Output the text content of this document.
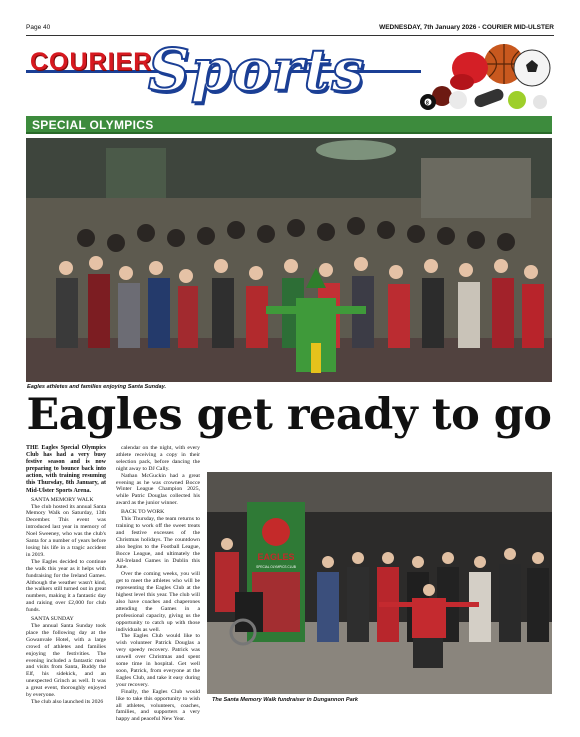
Page 40	WEDNESDAY, 7th January 2026 - COURIER MID-ULSTER
COURIER
Sports	8
SPECIAL OLYMPICS
Eagles athletes and families enjoying Santa Sunday.
Eagles get ready to go

THE Eagles Special Olympics Club has had a very busy festive season and is now preparing to bounce back into action, with training resuming this Thursday, 8th January, at Mid-Ulster Sports Arena.

SANTA MEMORY WALK

The club hosted its annual Santa Memory Walk on Saturday, 13th December. This event was introduced last year in memory of Noel Sweeney, who was the club's Santa for a number of years before losing his life in a tragic accident in 2019.

The Eagles decided to continue the walk this year as it helps with fundraising for the Ireland Games. Although the weather wasn't kind, the walkers still turned out in great numbers, making it a fantastic day and raising over £2,000 for club funds.

SANTA SUNDAY

The annual Santa Sunday took place the following day at the Gowanvale Hotel, with a large crowd of athletes and families enjoying the festivities. The evening included a fantastic meal and visits from Santa, Buddy the Elf, his sidekick, and an unexpected Grinch as well. It was a great event, thoroughly enjoyed by everyone.

The club also launched its 2026

calendar on the night, with every athlete receiving a copy in their selection pack, before dancing the night away to DJ Cally.

Nathan McGuckin had a great evening as he was crowned Bocce Winter League Champion 2025, while Patric Douglas collected his award as the junior winner.

BACK TO WORK

This Thursday, the team returns to training to work off the sweet treats and festive excesses of the Christmas holidays. The countdown also begins to the Football League, Bocce League, and ultimately the All-Ireland Games in Dublin this June.

Over the coming weeks, you will get to meet the athletes who will be representing the Eagles Club at the highest level this year. The club will also have coaches and chaperones attending the Games in a professional capacity, giving us the opportunity to catch up with those individuals as well.

The Eagles Club would like to wish volunteer Patrick Douglas a very speedy recovery. Patrick was unwell over Christmas and spent some time in hospital. Get well soon, Patrick, from everyone at the Eagles Club, and take it easy during your recovery.

Finally, the Eagles Club would like to take this opportunity to wish all athletes, volunteers, coaches, families, and supporters a very happy and peaceful New Year.

EAGLES
SPECIAL OLYMPICS CLUB
The Santa Memory Walk fundraiser in Dungannon Park
